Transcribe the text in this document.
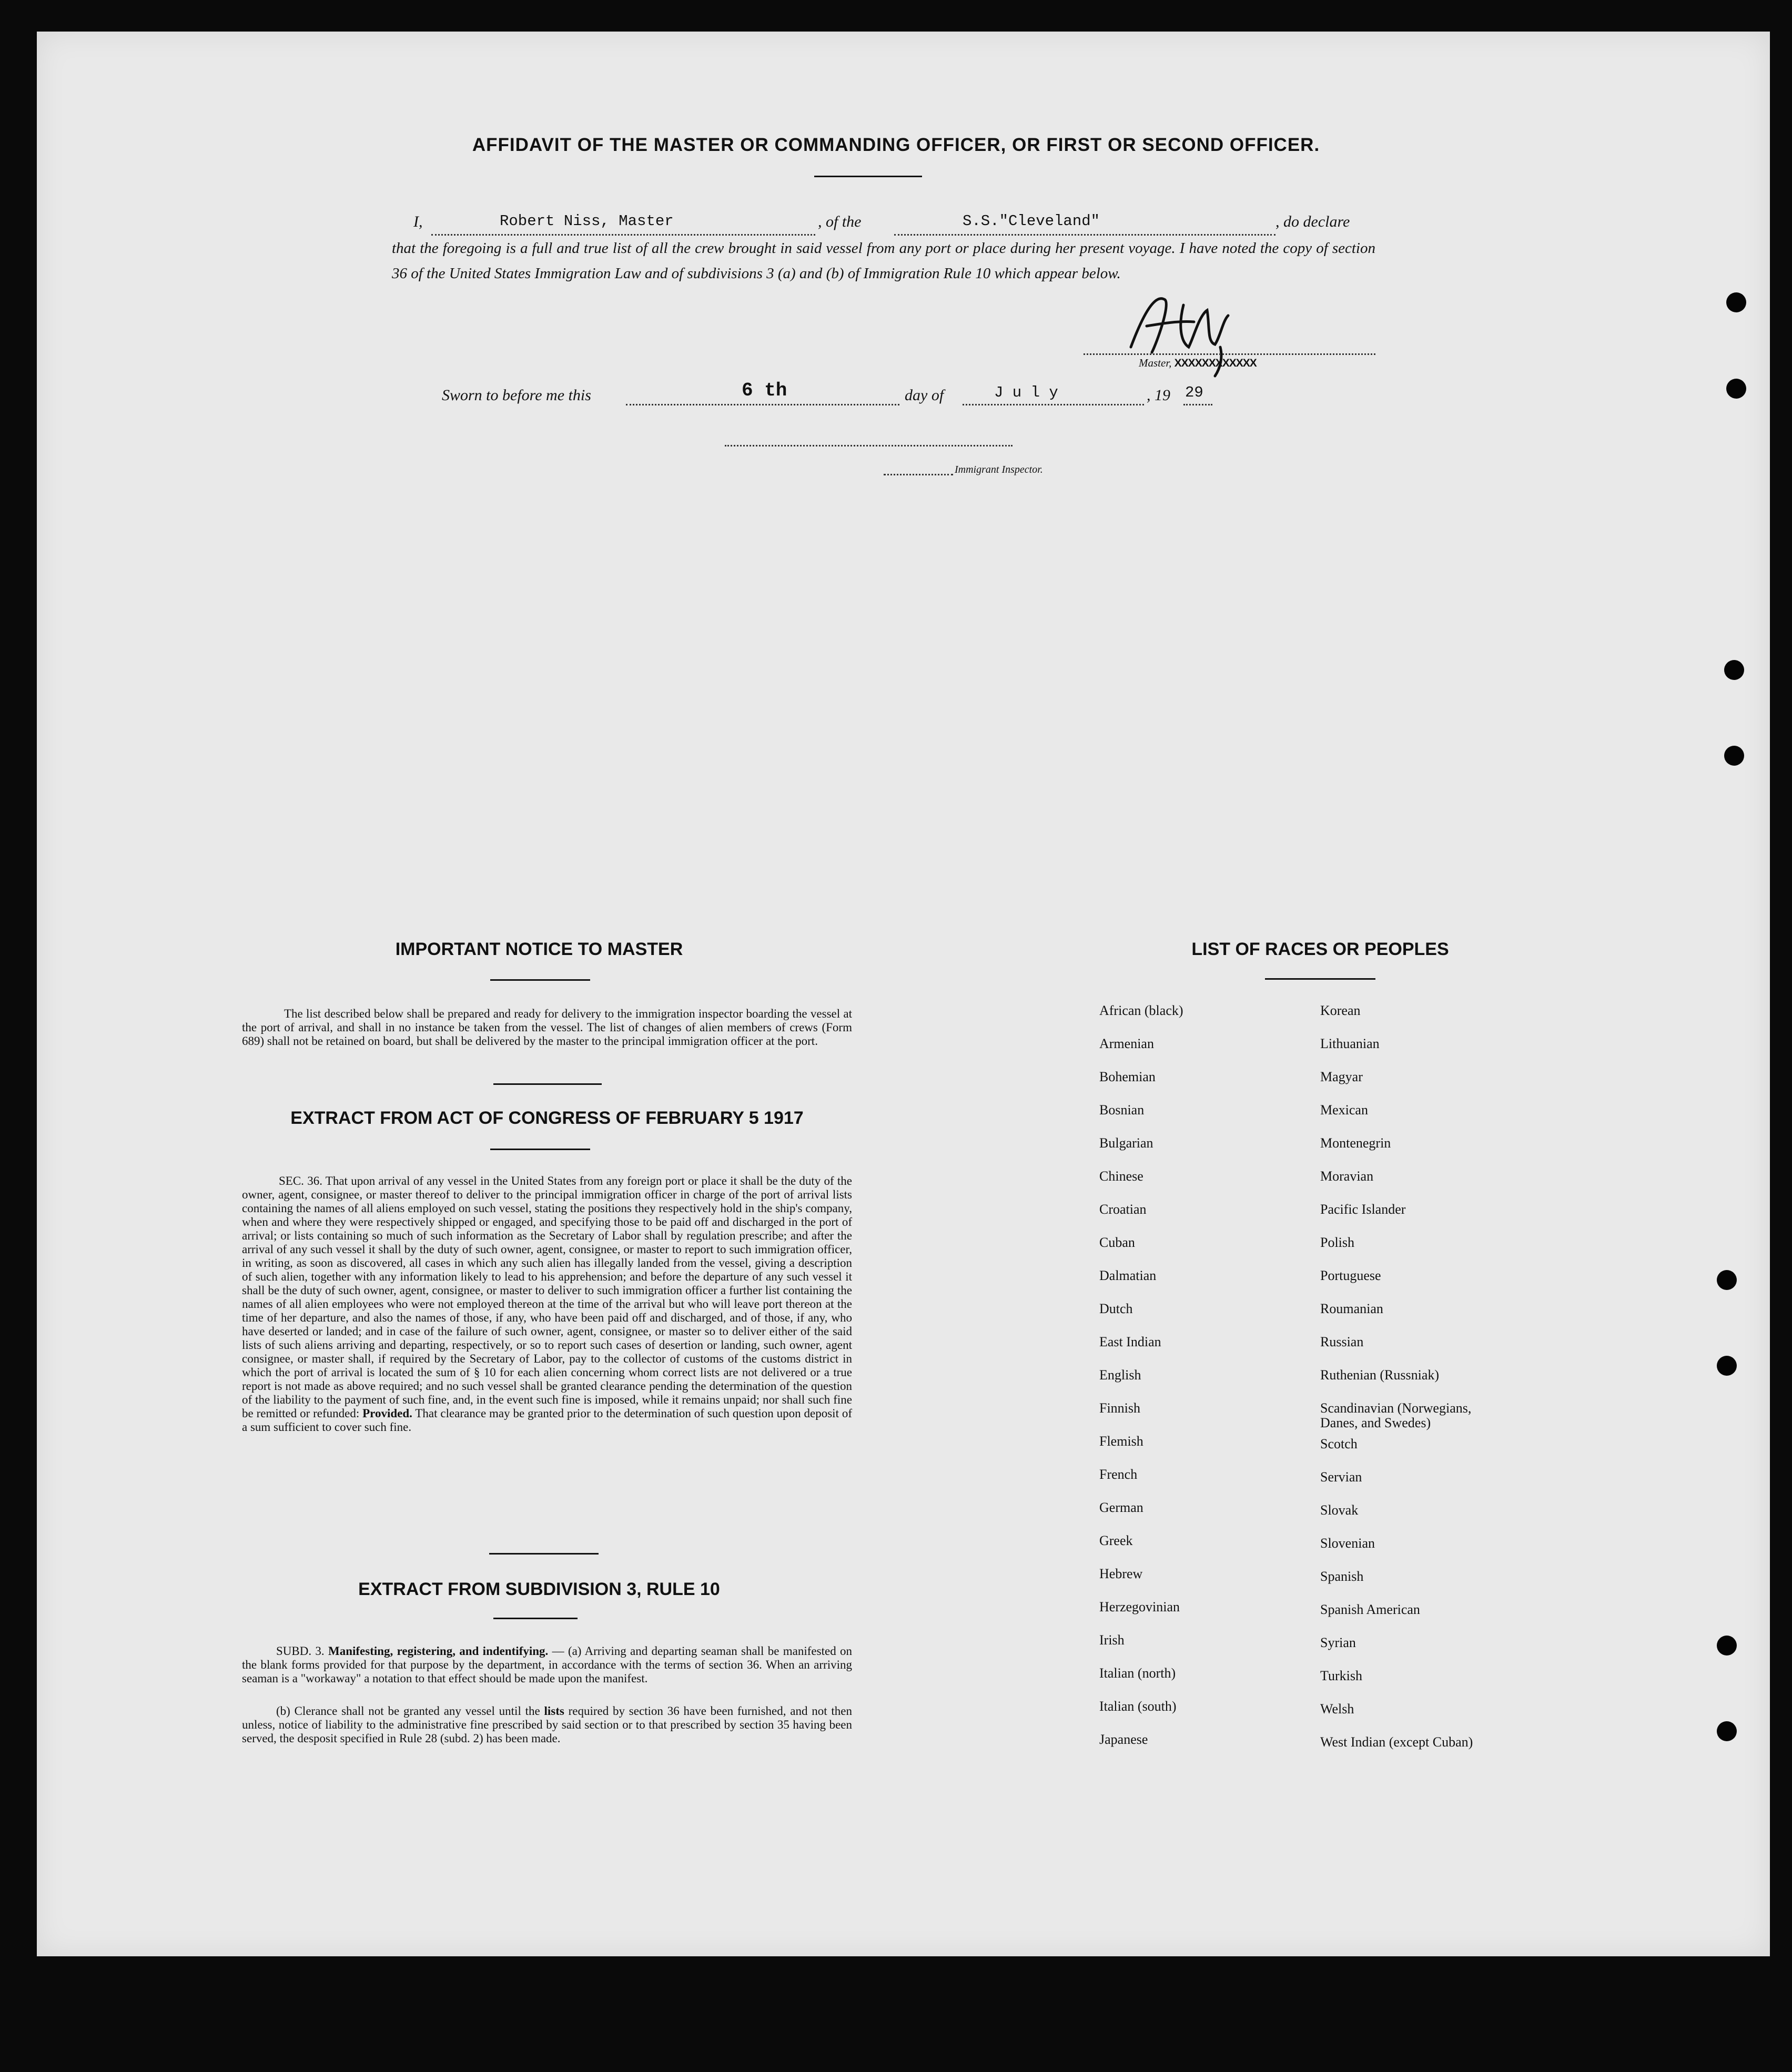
AFFIDAVIT OF THE MASTER OR COMMANDING OFFICER, OR FIRST OR SECOND OFFICER.
I,	Robert Niss, Master	, of the	S.S."Cleveland"	, do declare
that the foregoing is a full and true list of all the crew brought in said vessel from any port or place during her present voyage. I have noted the copy of section 36 of the United States Immigration Law and of subdivisions 3 (a) and (b) of Immigration Rule 10 which appear below.
Master, XXXXXXXXXXXX
Sworn to before me this	6 th	day of	J u l y	, 19 29
Immigrant Inspector.
IMPORTANT NOTICE TO MASTER
The list described below shall be prepared and ready for delivery to the immigration inspector boarding the vessel at the port of arrival, and shall in no instance be taken from the vessel. The list of changes of alien members of crews (Form 689) shall not be retained on board, but shall be delivered by the master to the principal immigration officer at the port.
EXTRACT FROM ACT OF CONGRESS OF FEBRUARY 5 1917
SEC. 36. That upon arrival of any vessel in the United States from any foreign port or place it shall be the duty of the owner, agent, consignee, or master thereof to deliver to the principal immigration officer in charge of the port of arrival lists containing the names of all aliens employed on such vessel, stating the positions they respectively hold in the ship's company, when and where they were respectively shipped or engaged, and specifying those to be paid off and discharged in the port of arrival; or lists containing so much of such information as the Secretary of Labor shall by regulation prescribe; and after the arrival of any such vessel it shall by the duty of such owner, agent, consignee, or master to report to such immigration officer, in writing, as soon as discovered, all cases in which any such alien has illegally landed from the vessel, giving a description of such alien, together with any information likely to lead to his apprehension; and before the departure of any such vessel it shall be the duty of such owner, agent, consignee, or master to deliver to such immigration officer a further list containing the names of all alien employees who were not employed thereon at the time of the arrival but who will leave port thereon at the time of her departure, and also the names of those, if any, who have been paid off and discharged, and of those, if any, who have deserted or landed; and in case of the failure of such owner, agent, consignee, or master so to deliver either of the said lists of such aliens arriving and departing, respectively, or so to report such cases of desertion or landing, such owner, agent consignee, or master shall, if required by the Secretary of Labor, pay to the collector of customs of the customs district in which the port of arrival is located the sum of § 10 for each alien concerning whom correct lists are not delivered or a true report is not made as above required; and no such vessel shall be granted clearance pending the determination of the question of the liability to the payment of such fine, and, in the event such fine is imposed, while it remains unpaid; nor shall such fine be remitted or refunded: Provided. That clearance may be granted prior to the determination of such question upon deposit of a sum sufficient to cover such fine.
EXTRACT FROM SUBDIVISION 3, RULE 10
SUBD. 3. Manifesting, registering, and indentifying. — (a) Arriving and departing seaman shall be manifested on the blank forms provided for that purpose by the department, in accordance with the terms of section 36. When an arriving seaman is a "workaway" a notation to that effect should be made upon the manifest.
(b) Clerance shall not be granted any vessel until the lists required by section 36 have been furnished, and not then unless, notice of liability to the administrative fine prescribed by said section or to that prescribed by section 35 having been served, the desposit specified in Rule 28 (subd. 2) has been made.
LIST OF RACES OR PEOPLES
African (black)
Armenian
Bohemian
Bosnian
Bulgarian
Chinese
Croatian
Cuban
Dalmatian
Dutch
East Indian
English
Finnish
Flemish
French
German
Greek
Hebrew
Herzegovinian
Irish
Italian (north)
Italian (south)
Japanese
Korean
Lithuanian
Magyar
Mexican
Montenegrin
Moravian
Pacific Islander
Polish
Portuguese
Roumanian
Russian
Ruthenian (Russniak)
Scandinavian (Norwegians,
Danes, and Swedes)
Scotch
Servian
Slovak
Slovenian
Spanish
Spanish American
Syrian
Turkish
Welsh
West Indian (except Cuban)
